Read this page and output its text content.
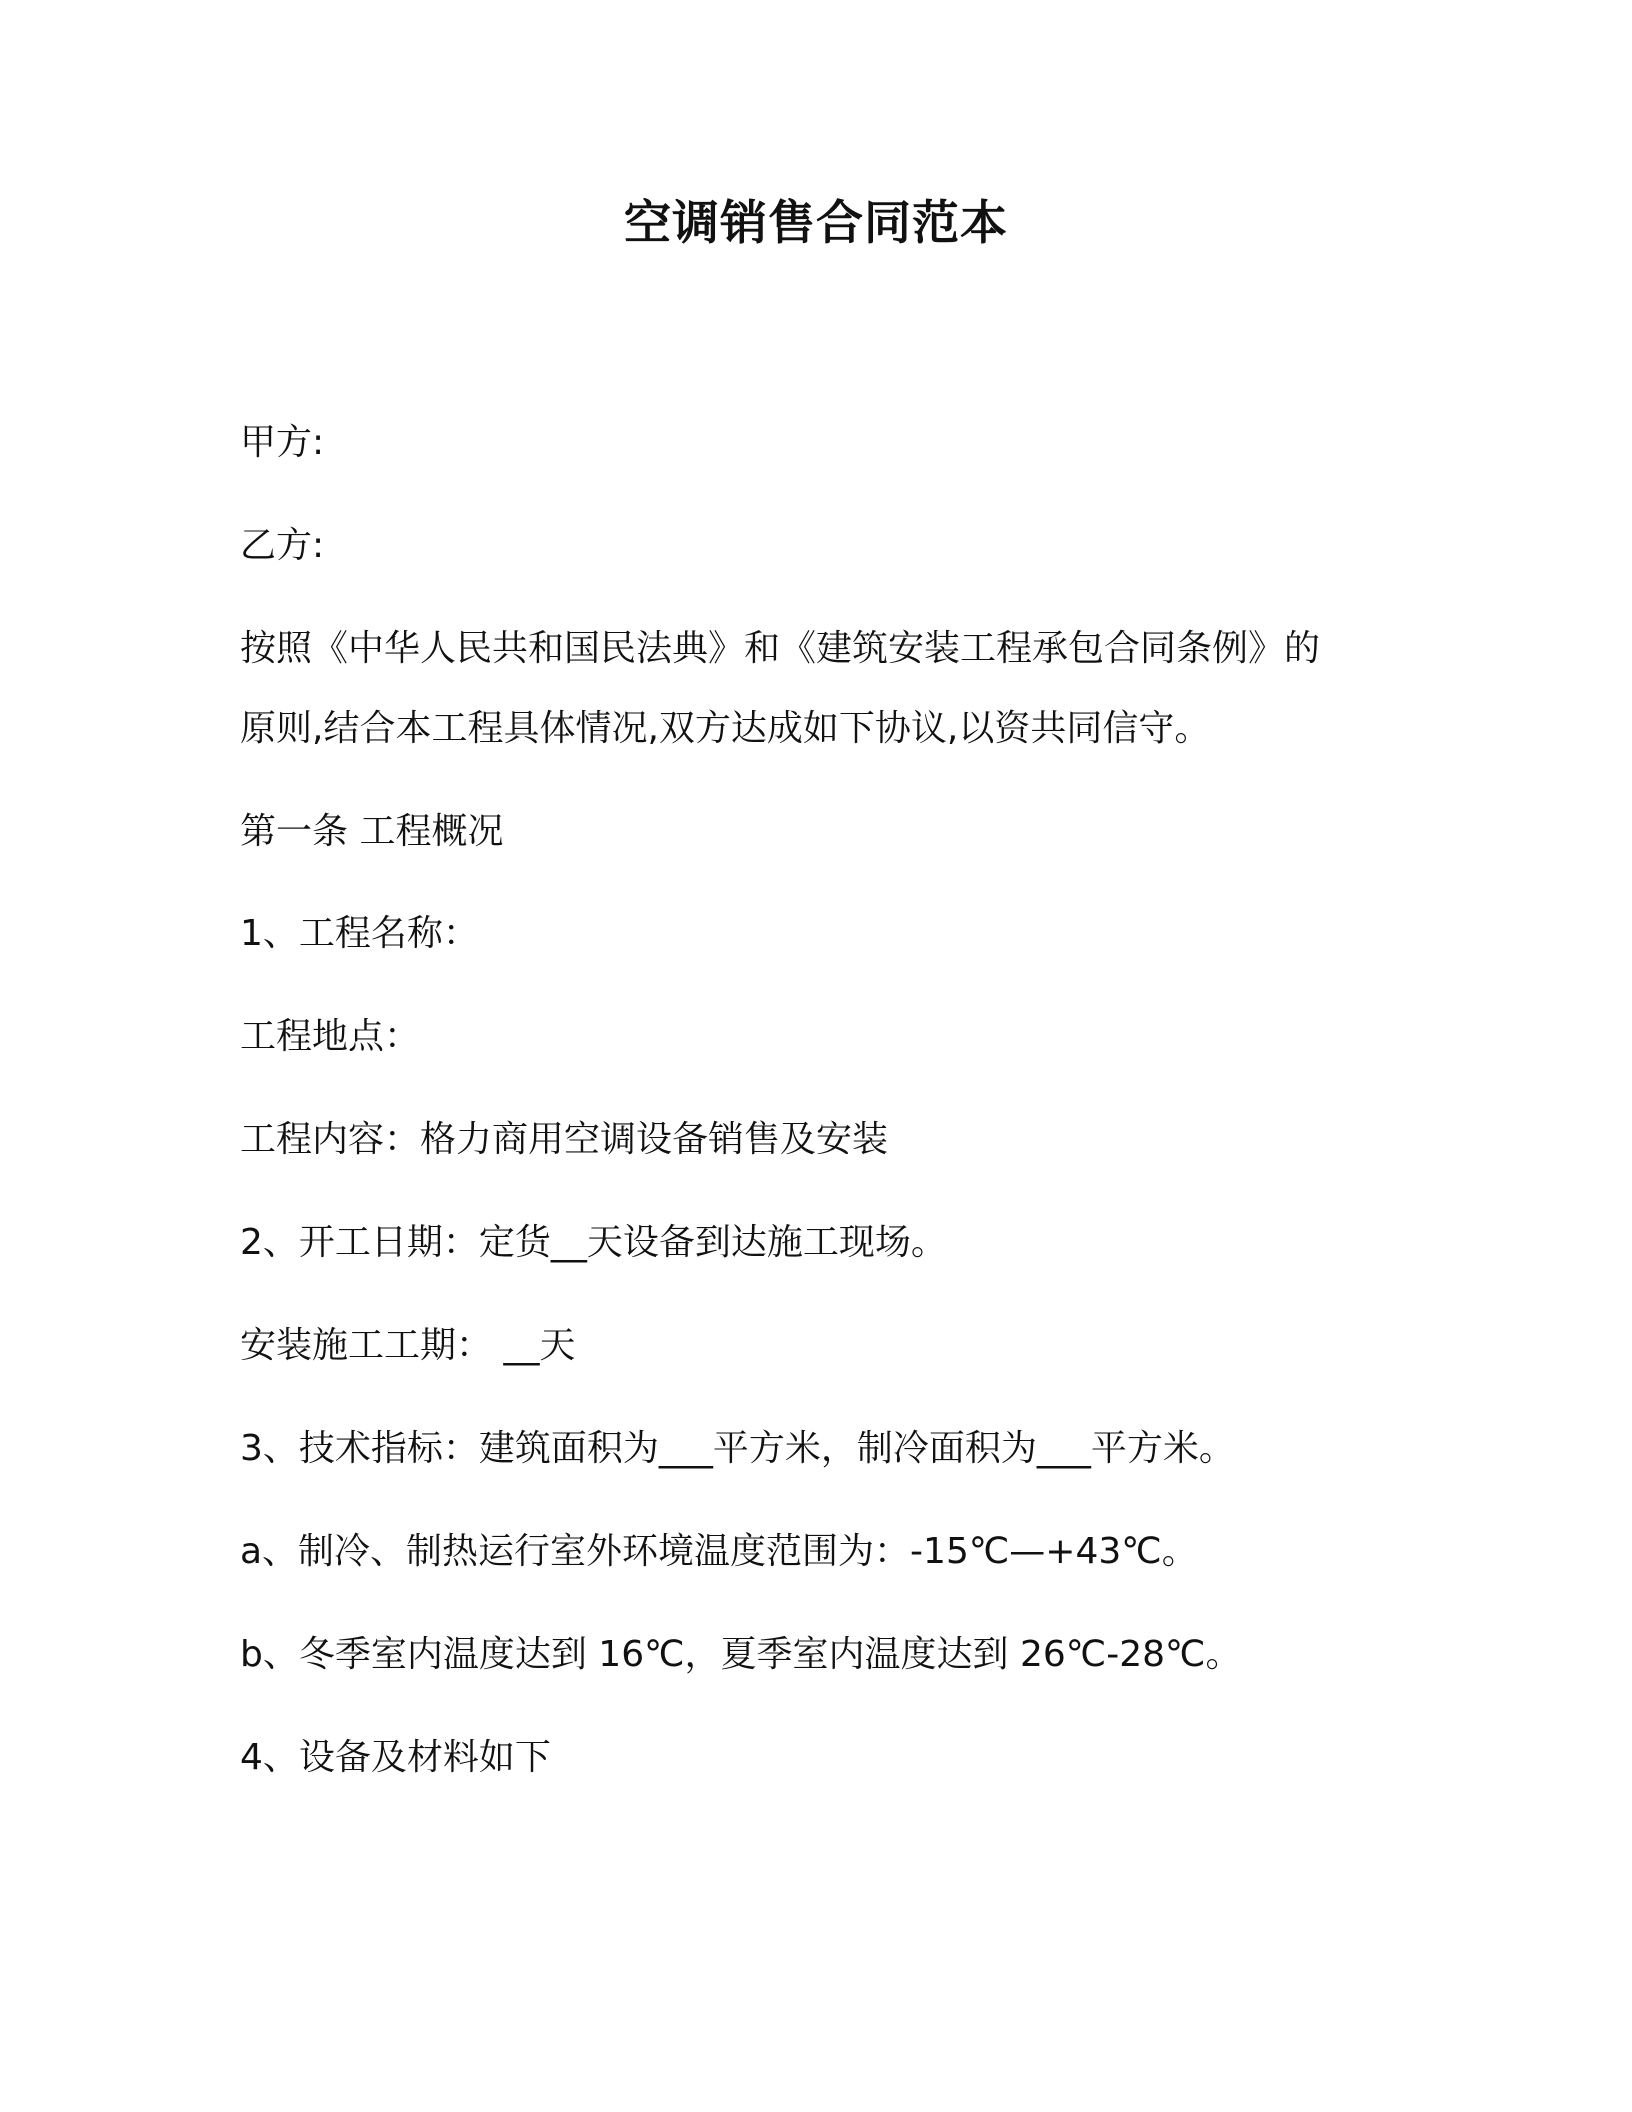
空调销售合同范本
甲方:
乙方:
按照《中华人民共和国民法典》和《建筑安装工程承包合同条例》的
原则,结合本工程具体情况,双方达成如下协议,以资共同信守。
第一条 工程概况
1、工程名称：
工程地点：
工程内容：格力商用空调设备销售及安装
2、开工日期：定货__天设备到达施工现场。
安装施工工期： __天
3、技术指标：建筑面积为___平方米，制冷面积为___平方米。
a、制冷、制热运行室外环境温度范围为：-15℃—+43℃。
b、冬季室内温度达到 16℃，夏季室内温度达到 26℃-28℃。
4、设备及材料如下
